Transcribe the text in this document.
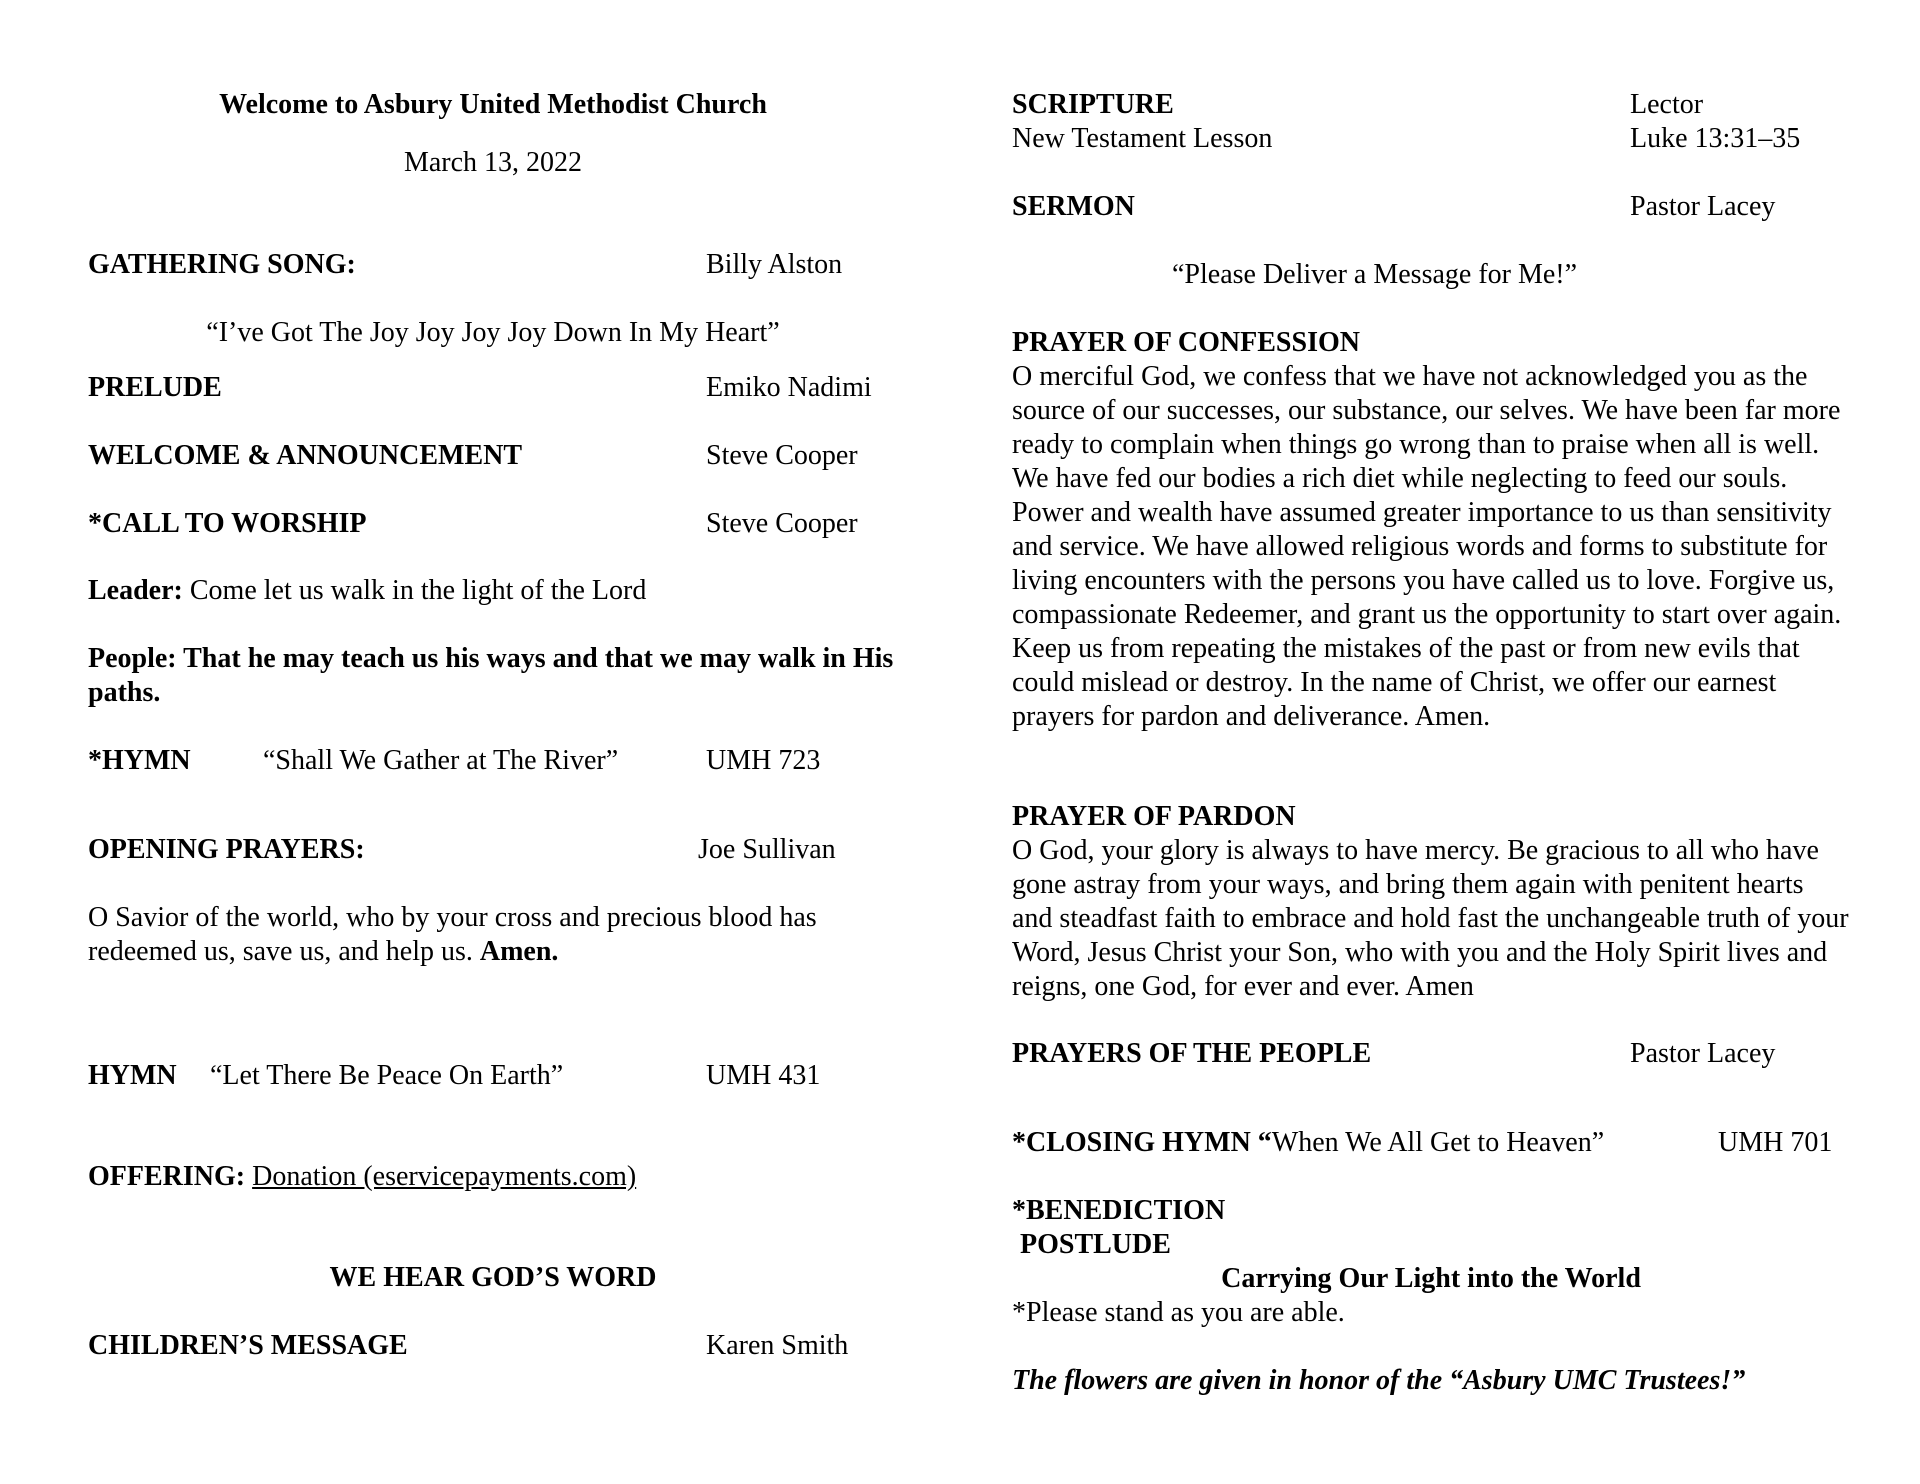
Welcome to Asbury United Methodist Church
March 13, 2022
GATHERING SONG:	Billy Alston
“I’ve Got The Joy Joy Joy Joy Down In My Heart”
PRELUDE	Emiko Nadimi
WELCOME & ANNOUNCEMENT	Steve Cooper
*CALL TO WORSHIP	Steve Cooper
Leader: Come let us walk in the light of the Lord
People: That he may teach us his ways and that we may walk in His paths.
*HYMN	“Shall We Gather at The River”	UMH 723
OPENING PRAYERS:	Joe Sullivan
O Savior of the world, who by your cross and precious blood has redeemed us, save us, and help us. Amen.
HYMN “Let There Be Peace On Earth”	UMH 431
OFFERING: Donation (eservicepayments.com)
WE HEAR GOD’S WORD
CHILDREN’S MESSAGE	Karen Smith
SCRIPTURE	Lector
New Testament Lesson	Luke 13:31–35
SERMON	Pastor Lacey
“Please Deliver a Message for Me!”
PRAYER OF CONFESSION
O merciful God, we confess that we have not acknowledged you as the source of our successes, our substance, our selves. We have been far more ready to complain when things go wrong than to praise when all is well. We have fed our bodies a rich diet while neglecting to feed our souls. Power and wealth have assumed greater importance to us than sensitivity and service. We have allowed religious words and forms to substitute for living encounters with the persons you have called us to love. Forgive us, compassionate Redeemer, and grant us the opportunity to start over again. Keep us from repeating the mistakes of the past or from new evils that could mislead or destroy. In the name of Christ, we offer our earnest prayers for pardon and deliverance. Amen.
PRAYER OF PARDON
O God, your glory is always to have mercy. Be gracious to all who have gone astray from your ways, and bring them again with penitent hearts and steadfast faith to embrace and hold fast the unchangeable truth of your Word, Jesus Christ your Son, who with you and the Holy Spirit lives and reigns, one God, for ever and ever. Amen
PRAYERS OF THE PEOPLE	Pastor Lacey
*CLOSING HYMN “When We All Get to Heaven”	UMH 701
*BENEDICTION
POSTLUDE
Carrying Our Light into the World
*Please stand as you are able.
The flowers are given in honor of the “Asbury UMC Trustees!”
